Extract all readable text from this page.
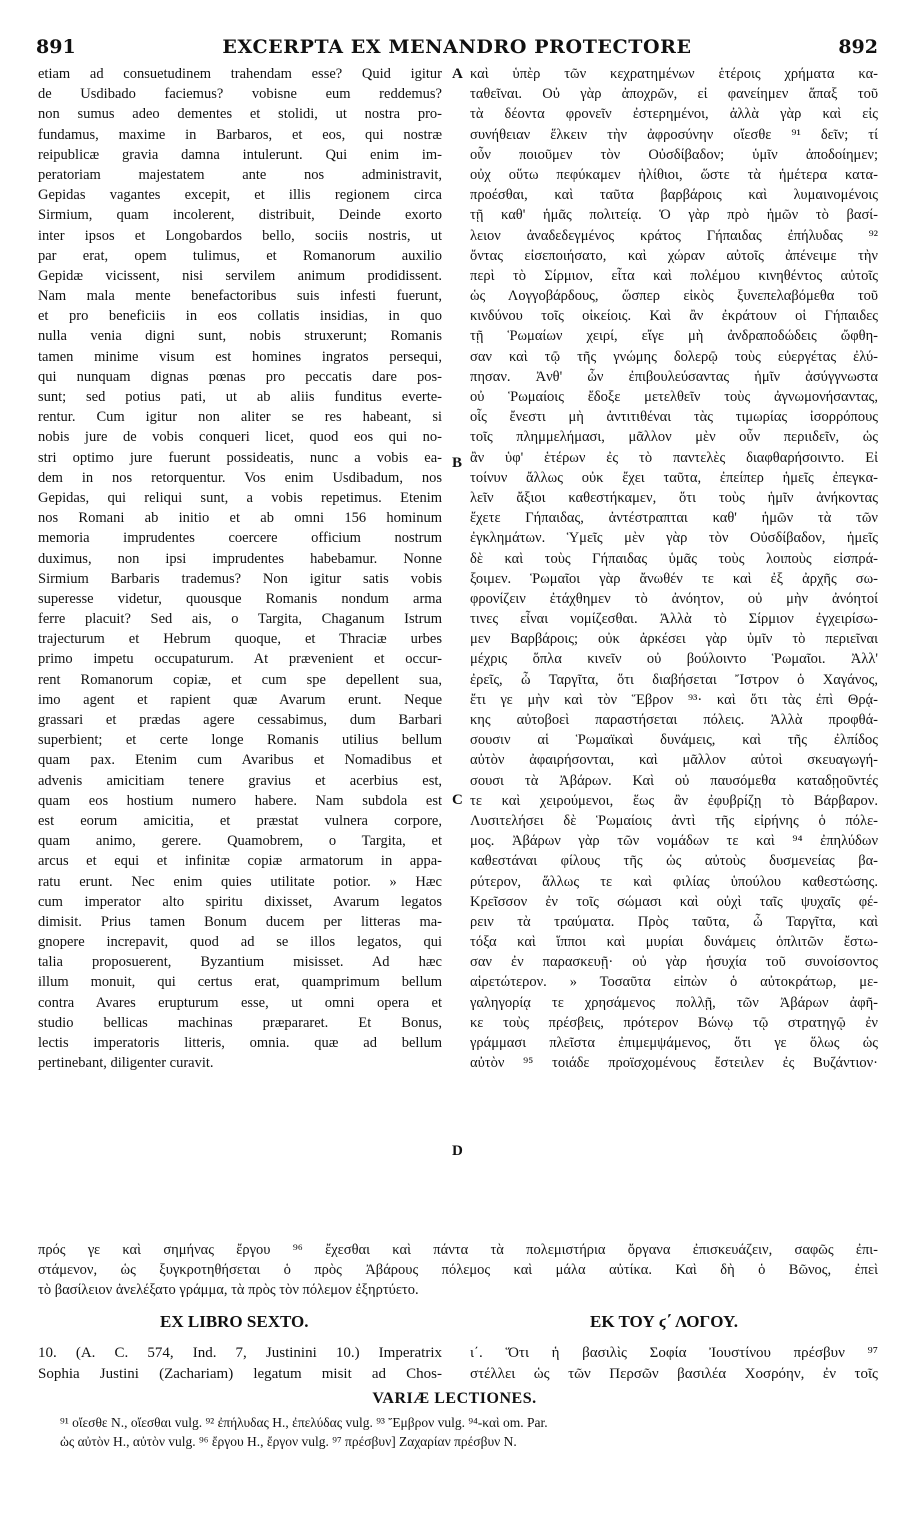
891	EXCERPTA EX MENANDRO PROTECTORE	892
etiam ad consuetudinem trahendam esse? Quid igitur
de Usdibado faciemus? vobisne eum reddemus?
non sumus adeo dementes et stolidi, ut nostra pro-
fundamus, maxime in Barbaros, et eos, qui nostræ
reipublicæ gravia damna intulerunt. Qui enim im-
peratoriam majestatem ante nos administravit,
Gepidas vagantes excepit, et illis regionem circa
Sirmium, quam incolerent, distribuit, Deinde exorto
inter ipsos et Longobardos bello, sociis nostris, ut
par erat, opem tulimus, et Romanorum auxilio
Gepidæ vicissent, nisi servilem animum prodidissent.
Nam mala mente benefactoribus suis infesti fuerunt,
et pro beneficiis in eos collatis insidias, in quo
nulla venia digni sunt, nobis struxerunt; Romanis
tamen minime visum est homines ingratos persequi,
qui nunquam dignas pœnas pro peccatis dare pos-
sunt; sed potius pati, ut ab aliis funditus everte-
rentur. Cum igitur non aliter se res habeant, si
nobis jure de vobis conqueri licet, quod eos qui no-
stri optimo jure fuerunt possideatis, nunc a vobis ea-
dem in nos retorquentur. Vos enim Usdibadum, nos
Gepidas, qui reliqui sunt, a vobis repetimus. Etenim
nos Romani ab initio et ab omni 156 hominum
memoria imprudentes coercere officium nostrum
duximus, non ipsi imprudentes habebamur. Nonne
Sirmium Barbaris trademus? Non igitur satis vobis
superesse videtur, quousque Romanis nondum arma
ferre placuit? Sed ais, o Targita, Chaganum Istrum
trajecturum et Hebrum quoque, et Thraciæ urbes
primo impetu occupaturum. At prævenient et occur-
rent Romanorum copiæ, et cum spe depellent sua,
imo agent et rapient quæ Avarum erunt. Neque
grassari et prædas agere cessabimus, dum Barbari
superbient; et certe longe Romanis utilius bellum
quam pax. Etenim cum Avaribus et Nomadibus et
advenis amicitiam tenere gravius et acerbius est,
quam eos hostium numero habere. Nam subdola est
est eorum amicitia, et præstat vulnera corpore,
quam animo, gerere. Quamobrem, o Targita, et
arcus et equi et infinitæ copiæ armatorum in appa-
ratu erunt. Nec enim quies utilitate potior. » Hæc
cum imperator alto spiritu dixisset, Avarum legatos
dimisit. Prius tamen Bonum ducem per litteras ma-
gnopere increpavit, quod ad se illos legatos, qui
talia proposuerent, Byzantium misisset. Ad hæc
illum monuit, qui certus erat, quamprimum bellum
contra Avares erupturum esse, ut omni opera et
studio bellicas machinas præpararet. Et Bonus,
lectis imperatoris litteris, omnia. quæ ad bellum
pertinebant, diligenter curavit.
καὶ ὑπὲρ τῶν κεχρατημένων ἑτέροις χρήματα κα-
ταθεῖναι. Οὐ γὰρ ἀποχρῶν, εἰ φανείημεν ἅπαξ τοῦ
τὰ δέοντα φρονεῖν ἐστερημένοι, ἀλλὰ γὰρ καὶ εἰς
συνήθειαν ἕλκειν τὴν ἀφροσύνην οἴεσθε ⁹¹ δεῖν; τί
οὖν ποιοῦμεν τὸν Οὐσδίβαδον; ὑμῖν ἀποδοίημεν;
οὐχ οὕτω πεφύκαμεν ἠλίθιοι, ὥστε τὰ ἡμέτερα κατα-
προέσθαι, καὶ ταῦτα βαρβάροις καὶ λυμαινομένοις
τῇ καθ' ἡμᾶς πολιτείᾳ. Ὁ γὰρ πρὸ ἡμῶν τὸ βασί-
λειον ἀναδεδεγμένος κράτος Γήπαιδας ἐπήλυδας ⁹²
ὄντας εἰσεποιήσατο, καὶ χώραν αὐτοῖς ἀπένειμε τὴν
περὶ τὸ Σίρμιον, εἶτα καὶ πολέμου κινηθέντος αὐτοῖς
ὡς Λογγοβάρδους, ὥσπερ εἰκὸς ξυνεπελαβόμεθα τοῦ
κινδύνου τοῖς οἰκείοις. Καὶ ἂν ἐκράτουν οἱ Γήπαιδες
τῇ Ῥωμαίων χειρί, εἴγε μὴ ἀνδραποδώδεις ὤφθη-
σαν καὶ τῷ τῆς γνώμης δολερῷ τοὺς εὐεργέτας ἐλύ-
πησαν. Ἀνθ' ὧν ἐπιβουλεύσαντας ἡμῖν ἀσύγγνωστα
οὐ Ῥωμαίοις ἔδοξε μετελθεῖν τοὺς ἀγνωμονήσαντας,
οἷς ἔνεστι μὴ ἀντιτιθέναι τὰς τιμωρίας ἰσορρόπους
τοῖς πλημμελήμασι, μᾶλλον μὲν οὖν περιιδεῖν, ὡς
ἂν ὑφ' ἑτέρων ἐς τὸ παντελὲς διαφθαρήσοιντο. Εἰ
τοίνυν ἄλλως οὐκ ἔχει ταῦτα, ἐπείπερ ἡμεῖς ἐπεγκα-
λεῖν ἄξιοι καθεστήκαμεν, ὅτι τοὺς ἡμῖν ἀνήκοντας
ἔχετε Γήπαιδας, ἀντέστραπται καθ' ἡμῶν τὰ τῶν
ἐγκλημάτων. Ὑμεῖς μὲν γὰρ τὸν Οὐσδίβαδον, ἡμεῖς
δὲ καὶ τοὺς Γήπαιδας ὑμᾶς τοὺς λοιποὺς εἰσπρά-
ξοιμεν. Ῥωμαῖοι γὰρ ἄνωθέν τε καὶ ἐξ ἀρχῆς σω-
φρονίζειν ἐτάχθημεν τὸ ἀνόητον, οὐ μὴν ἀνόητοί
τινες εἶναι νομίζεσθαι. Ἀλλὰ τὸ Σίρμιον ἐγχειρίσω-
μεν Βαρβάροις; οὐκ ἀρκέσει γὰρ ὑμῖν τὸ περιεῖναι
μέχρις ὅπλα κινεῖν οὐ βούλοιντο Ῥωμαῖοι. Ἀλλ'
ἐρεῖς, ὦ Ταργῖτα, ὅτι διαβήσεται Ἴστρον ὁ Χαγάνος,
ἔτι γε μὴν καὶ τὸν Ἕβρον ⁹³· καὶ ὅτι τὰς ἐπὶ Θρᾴ-
κης αὐτοβοεὶ παραστήσεται πόλεις. Ἀλλὰ προφθά-
σουσιν αἱ Ῥωμαϊκαὶ δυνάμεις, καὶ τῆς ἐλπίδος
αὐτὸν ἀφαιρήσονται, καὶ μᾶλλον αὐτοὶ σκευαγωγή-
σουσι τὰ Ἀβάρων. Καὶ οὐ παυσόμεθα καταδῃοῦντές
τε καὶ χειρούμενοι, ἕως ἂν ἐφυβρίζῃ τὸ Βάρβαρον.
Λυσιτελήσει δὲ Ῥωμαίοις ἀντὶ τῆς εἰρήνης ὁ πόλε-
μος. Ἀβάρων γὰρ τῶν νομάδων τε καὶ ⁹⁴ ἐπηλύδων
καθεστάναι φίλους τῆς ὡς αὐτοὺς δυσμενείας βα-
ρύτερον, ἅλλως τε καὶ φιλίας ὑπούλου καθεστώσης.
Κρεῖσσον ἐν τοῖς σώμασι καὶ οὐχὶ ταῖς ψυχαῖς φέ-
ρειν τὰ τραύματα. Πρὸς ταῦτα, ὦ Ταργῖτα, καὶ
τόξα καὶ ἵπποι καὶ μυρίαι δυνάμεις ὁπλιτῶν ἔστω-
σαν ἐν παρασκευῇ· οὐ γὰρ ἡσυχία τοῦ συνοίσοντος
αἱρετώτερον. » Τοσαῦτα εἰπὼν ὁ αὐτοκράτωρ, με-
γαληγορίᾳ τε χρησάμενος πολλῇ, τῶν Ἀβάρων ἀφῆ-
κε τοὺς πρέσβεις, πρότερον Βώνῳ τῷ στρατηγῷ ἐν
γράμμασι πλεῖστα ἐπιμεμψάμενος, ὅτι γε ὅλως ὡς
αὐτὸν ⁹⁵ τοιάδε προϊσχομένους ἔστειλεν ἐς Βυζάντιον·
A
B
C
D
πρός γε καὶ σημήνας ἔργου ⁹⁶ ἔχεσθαι καὶ πάντα τὰ πολεμιστήρια ὄργανα ἐπισκευάζειν, σαφῶς ἐπι-
στάμενον, ὡς ξυγκροτηθήσεται ὁ πρὸς Ἀβάρους πόλεμος καὶ μάλα αὐτίκα. Καὶ δὴ ὁ Βῶνος, ἐπεὶ
τὸ βασίλειον ἀνελέξατο γράμμα, τὰ πρὸς τὸν πόλεμον ἐξηρτύετο.
EX LIBRO SEXTO.	ΕΚ ΤΟΥ ϛ΄ ΛΟΓΟΥ.
10. (A. C. 574, Ind. 7, Justinini 10.) Imperatrix
Sophia Justini (Zachariam) legatum misit ad Chos-
ι΄. Ὅτι ἡ βασιλὶς Σοφία Ἰουστίνου πρέσβυν ⁹⁷
στέλλει ὡς τῶν Περσῶν βασιλέα Χοσρόην, ἐν τοῖς
VARIÆ LECTIONES.
⁹¹ οἴεσθε N., οἴεσθαι vulg. ⁹² ἐπήλυδας H., ἐπελύδας vulg. ⁹³ Ἔμβρον vulg. ⁹⁴-καὶ om. Par.
ὡς αὐτὸν H., αὐτὸν vulg. ⁹⁶ ἔργου H., ἔργον vulg. ⁹⁷ πρέσβυν] Ζαχαρίαν πρέσβυν N.
